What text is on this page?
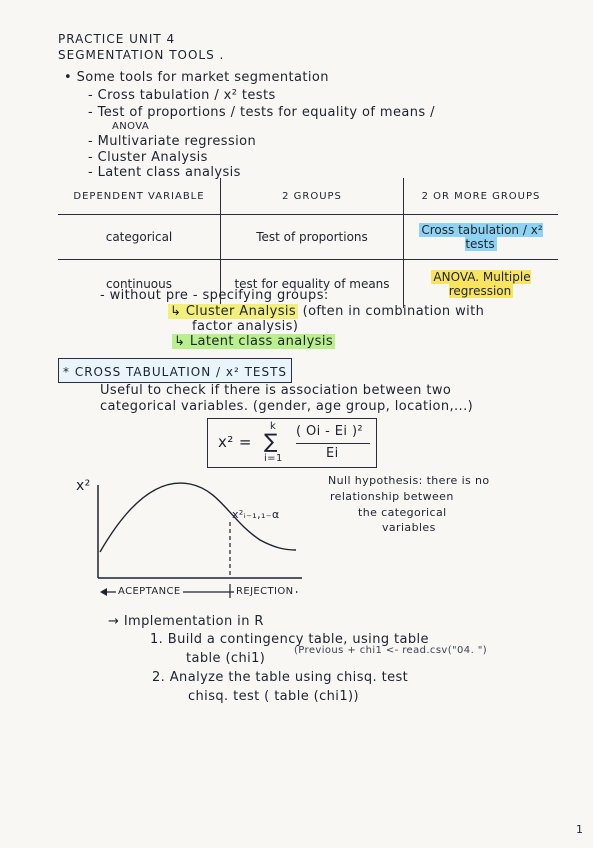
PRACTICE UNIT 4
SEGMENTATION TOOLS .
• Some tools for market segmentation
- Cross tabulation / x² tests
- Test of proportions / tests for equality of means /
ANOVA
- Multivariate regression
- Cluster Analysis
- Latent class analysis
DEPENDENT VARIABLE	2 GROUPS	2 OR MORE GROUPS
categorical	Test of proportions	Cross tabulation / x² tests
continuous	test for equality of means	ANOVA. Multiple regression
- without pre - specifying groups:
↳ Cluster Analysis (often in combination with
factor analysis)
↳ Latent class analysis
* CROSS TABULATION / x² TESTS
Useful to check if there is association between two
categorical variables. (gender, age group, location,...)
x² =
k
∑
i=1
( Oi - Ei )²
Ei
x²
x²ᵢ₋₁,₁₋α
ACEPTANCE	REJECTION
Null hypothesis: there is no
relationship between
the categorical
variables
→ Implementation in R
1. Build a contingency table, using table
table (chi1)
(Previous + chi1 <- read.csv("04. ")
2. Analyze the table using chisq. test
chisq. test ( table (chi1))
1
